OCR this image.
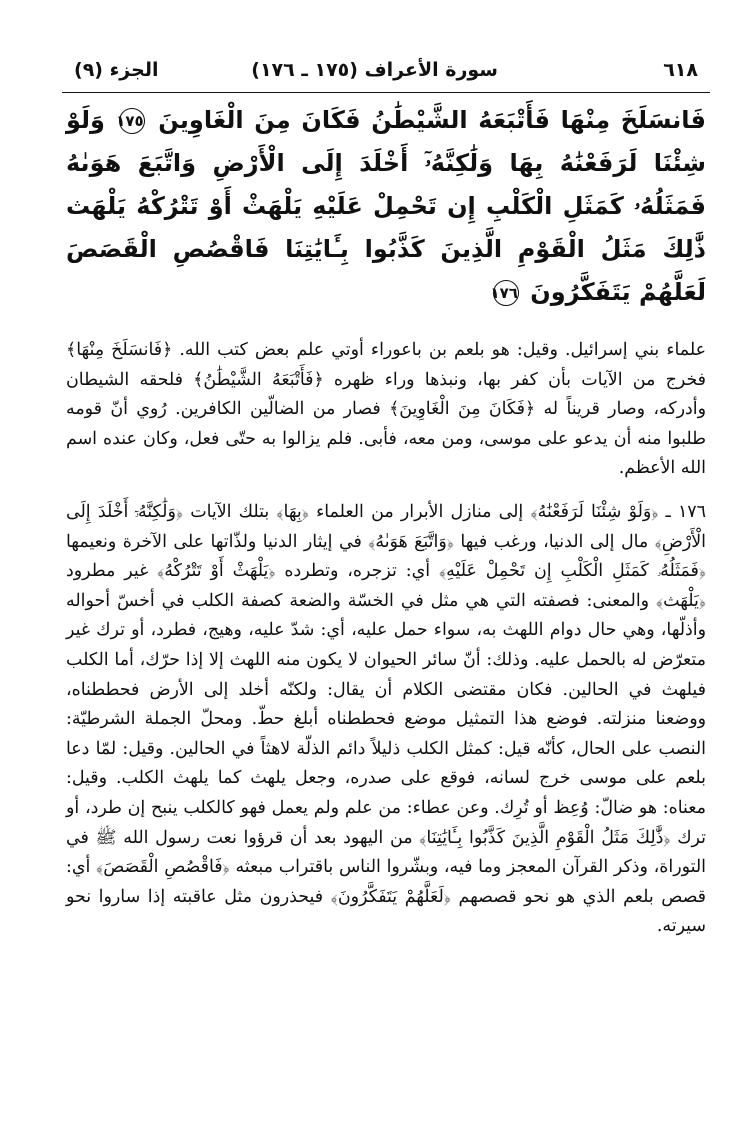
٦١٨
سورة الأعراف (١٧٥ ـ ١٧٦)
الجزء (٩)
فَانسَلَخَ مِنْهَا فَأَتْبَعَهُ الشَّيْطَٰنُ فَكَانَ مِنَ الْغَاوِينَ ١٧٥ وَلَوْ شِئْنَا لَرَفَعْنَٰهُ بِهَا وَلَٰكِنَّهُۥٓ أَخْلَدَ إِلَى الْأَرْضِ وَاتَّبَعَ هَوَىٰهُ فَمَثَلُهُۥ كَمَثَلِ الْكَلْبِ إِن تَحْمِلْ عَلَيْهِ يَلْهَثْ أَوْ تَتْرُكْهُ يَلْهَث ذَّٰلِكَ مَثَلُ الْقَوْمِ الَّذِينَ كَذَّبُوا بِـَٔايَٰتِنَا فَاقْصُصِ الْقَصَصَ لَعَلَّهُمْ يَتَفَكَّرُونَ ١٧٦

علماء بني إسرائيل. وقيل: هو بلعم بن باعوراء أوتي علم بعض كتب الله. ﴿فَانسَلَخَ مِنْهَا﴾ فخرج من الآيات بأن كفر بها، ونبذها وراء ظهره ﴿فَأَتْبَعَهُ الشَّيْطَٰنُ﴾ فلحقه الشيطان وأدركه، وصار قريناً له ﴿فَكَانَ مِنَ الْغَاوِينَ﴾ فصار من الضالّين الكافرين. رُوي أنّ قومه طلبوا منه أن يدعو على موسى، ومن معه، فأبى. فلم يزالوا به حتّى فعل، وكان عنده اسم الله الأعظم.

١٧٦ ـ ﴿وَلَوْ شِئْنَا لَرَفَعْنَٰهُ﴾ إلى منازل الأبرار من العلماء ﴿بِهَا﴾ بتلك الآيات ﴿وَلَٰكِنَّهُۥٓ أَخْلَدَ إِلَى الْأَرْضِ﴾ مال إلى الدنيا، ورغب فيها ﴿وَاتَّبَعَ هَوَىٰهُ﴾ في إيثار الدنيا ولذّاتها على الآخرة ونعيمها ﴿فَمَثَلُهُۥ كَمَثَلِ الْكَلْبِ إِن تَحْمِلْ عَلَيْهِ﴾ أي: تزجره، وتطرده ﴿يَلْهَثْ أَوْ تَتْرُكْهُ﴾ غير مطرود ﴿يَلْهَث﴾ والمعنى: فصفته التي هي مثل في الخسّة والضعة كصفة الكلب في أخسّ أحواله وأذلّها، وهي حال دوام اللهث به، سواء حمل عليه، أي: شدّ عليه، وهيج، فطرد، أو ترك غير متعرّض له بالحمل عليه. وذلك: أنّ سائر الحيوان لا يكون منه اللهث إلا إذا حرّك، أما الكلب فيلهث في الحالين. فكان مقتضى الكلام أن يقال: ولكنّه أخلد إلى الأرض فحططناه، ووضعنا منزلته. فوضع هذا التمثيل موضع فحططناه أبلغ حطّ. ومحلّ الجملة الشرطيّة: النصب على الحال، كأنّه قيل: كمثل الكلب ذليلاً دائم الذلّة لاهثاً في الحالين. وقيل: لمّا دعا بلعم على موسى خرج لسانه، فوقع على صدره، وجعل يلهث كما يلهث الكلب. وقيل: معناه: هو ضالّ: وُعِظ أو تُرِك. وعن عطاء: من علم ولم يعمل فهو كالكلب ينبح إن طرد، أو ترك ﴿ذَّٰلِكَ مَثَلُ الْقَوْمِ الَّذِينَ كَذَّبُوا بِـَٔايَٰتِنَا﴾ من اليهود بعد أن قرؤوا نعت رسول الله ﷺ في التوراة، وذكر القرآن المعجز وما فيه، وبشّروا الناس باقتراب مبعثه ﴿فَاقْصُصِ الْقَصَصَ﴾ أي: قصص بلعم الذي هو نحو قصصهم ﴿لَعَلَّهُمْ يَتَفَكَّرُونَ﴾ فيحذرون مثل عاقبته إذا ساروا نحو سيرته.
